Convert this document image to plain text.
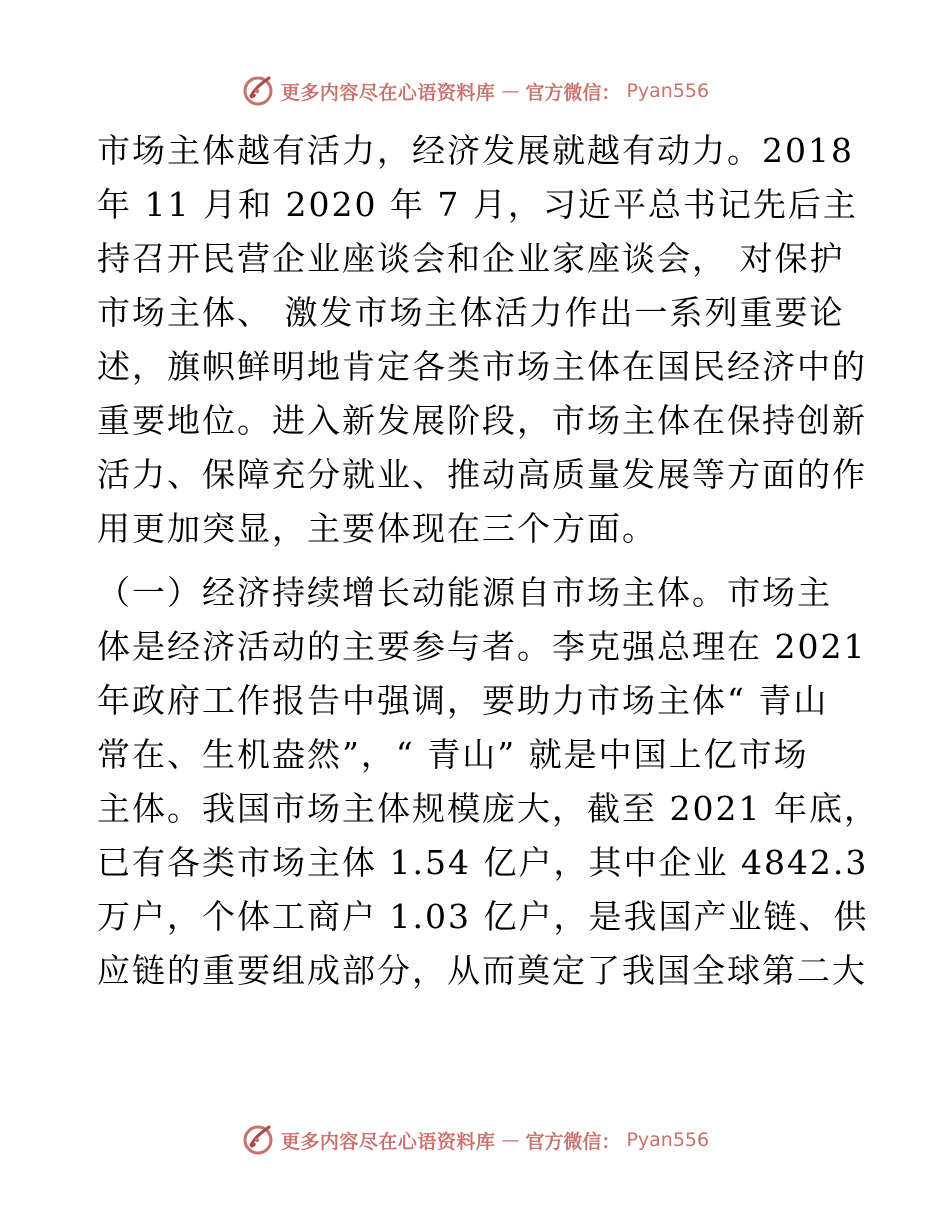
更多内容尽在心语资料库 — 官方微信： Pyan556
市场主体越有活力，经济发展就越有动力。2018
年 11 月和 2020 年 7 月，习近平总书记先后主
持召开民营企业座谈会和企业家座谈会， 对保护
市场主体、 激发市场主体活力作出一系列重要论
述，旗帜鲜明地肯定各类市场主体在国民经济中的
重要地位。进入新发展阶段，市场主体在保持创新
活力、保障充分就业、推动高质量发展等方面的作
用更加突显，主要体现在三个方面。
（一）经济持续增长动能源自市场主体。市场主
体是经济活动的主要参与者。李克强总理在 2021
年政府工作报告中强调，要助力市场主体“ 青山
常在、生机盎然”，“ 青山” 就是中国上亿市场
主体。我国市场主体规模庞大，截至 2021 年底，
已有各类市场主体 1.54 亿户，其中企业 4842.3
万户，个体工商户 1.03 亿户，是我国产业链、供
应链的重要组成部分，从而奠定了我国全球第二大
更多内容尽在心语资料库 — 官方微信： Pyan556
